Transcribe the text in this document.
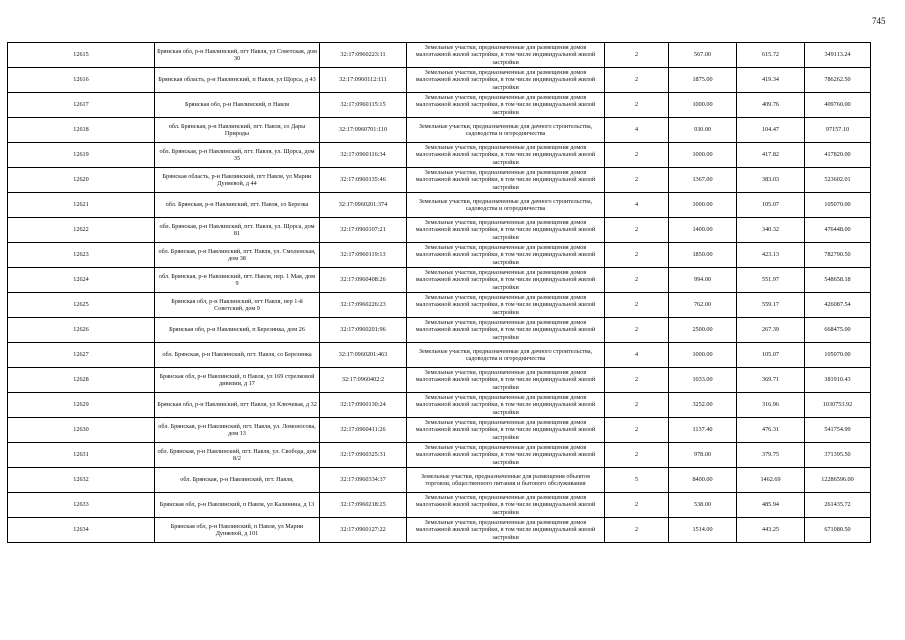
745
12615	Брянская обл, р-н Навлинский, пгт Навля, ул Советская, дом 30	32:17:0960223:11	Земельные участки, предназначенные для размещения домов малоэтажной жилой застройки, в том числе индивидуальной жилой застройки	2	567.00	615.72	349113.24
12616	Брянская область, р-н Навлинский, п Навля, ул Щорса, д 43	32:17:0960112:111	Земельные участки, предназначенные для размещения домов малоэтажной жилой застройки, в том числе индивидуальной жилой застройки	2	1875.00	419.34	786262.50
12617	Брянская обл, р-н Навлинский, п Навля	32:17:0960115:15	Земельные участки, предназначенные для размещения домов малоэтажной жилой застройки, в том числе индивидуальной жилой застройки	2	1000.00	409.76	409760.00
12618	обл. Брянская, р-н Навлинский, пгт. Навля, со Дары Природы	32:17:0960701:110	Земельные участки, предназначенные для дачного строительства, садоводства и огородничества	4	930.00	104.47	97157.10
12619	обл. Брянская, р-н Навлинский, пгт. Навля, ул. Щорса, дом 35	32:17:0960116:34	Земельные участки, предназначенные для размещения домов малоэтажной жилой застройки, в том числе индивидуальной жилой застройки	2	1000.00	417.82	417820.00
12620	Брянская область, р-н Навлинский, пгт Навля, ул Марии Дуняевой, д 44	32:17:0960135:46	Земельные участки, предназначенные для размещения домов малоэтажной жилой застройки, в том числе индивидуальной жилой застройки	2	1367.00	383.03	523602.01
12621	обл. Брянская, р-н Навлинский, пгт. Навля, со Березка	32:17:0960201:374	Земельные участки, предназначенные для дачного строительства, садоводства и огородничества	4	1000.00	105.07	105070.00
12622	обл. Брянская, р-н Навлинский, пгт. Навля, ул. Щорса, дом 81	32:17:0960107:21	Земельные участки, предназначенные для размещения домов малоэтажной жилой застройки, в том числе индивидуальной жилой застройки	2	1400.00	340.32	476448.00
12623	обл. Брянская, р-н Навлинский, пгт. Навля, ул. Смоленская, дом 38	32:17:0960119:13	Земельные участки, предназначенные для размещения домов малоэтажной жилой застройки, в том числе индивидуальной жилой застройки	2	1850.00	423.13	782790.50
12624	обл. Брянская, р-н Навлинский, пгт. Навля, пер. 1 Мая, дом 9	32:17:0960408:26	Земельные участки, предназначенные для размещения домов малоэтажной жилой застройки, в том числе индивидуальной жилой застройки	2	994.00	551.97	548658.18
12625	Брянская обл, р-н Навлинский, пгт Навля, пер 1-й Советский, дом 9	32:17:0960226:23	Земельные участки, предназначенные для размещения домов малоэтажной жилой застройки, в том числе индивидуальной жилой застройки	2	762.00	559.17	426087.54
12626	Брянская обл, р-н Навлинский, п Березинка, дом 26	32:17:0960201:96	Земельные участки, предназначенные для размещения домов малоэтажной жилой застройки, в том числе индивидуальной жилой застройки	2	2500.00	267.39	668475.00
12627	обл. Брянская, р-н Навлинский, пгт. Навля, со Березинка	32:17:0960201:463	Земельные участки, предназначенные для дачного строительства, садоводства и огородничества	4	1000.00	105.07	105070.00
12628	Брянская обл, р-н Навлинский, п Навля, ул 169 стрелковой дивизии, д 17	32:17:0960402:2	Земельные участки, предназначенные для размещения домов малоэтажной жилой застройки, в том числе индивидуальной жилой застройки	2	1033.00	369.71	381910.43
12629	Брянская обл, р-н Навлинский, пгт Навля, ул Ключевая, д 32	32:17:0960130:24	Земельные участки, предназначенные для размещения домов малоэтажной жилой застройки, в том числе индивидуальной жилой застройки	2	3252.00	316.96	1030753.92
12630	обл. Брянская, р-н Навлинский, пгт. Навля, ул. Ломоносова, дом 13	32:17:0960411:26	Земельные участки, предназначенные для размещения домов малоэтажной жилой застройки, в том числе индивидуальной жилой застройки	2	1137.40	476.31	541754.99
12631	обл. Брянская, р-н Навлинский, пгт. Навля, ул. Свобода, дом 8/2	32:17:0960325:31	Земельные участки, предназначенные для размещения домов малоэтажной жилой застройки, в том числе индивидуальной жилой застройки	2	978.00	379.75	371395.50
12632	обл. Брянская, р-н Навлинский, пгт. Навля,	32:17:0960334:37	Земельные участки, предназначенные для размещения объектов торговли, общественного питания и бытового обслуживания	5	8400.00	1462.69	12286596.00
12633	Брянская обл, р-н Навлинский, п Навля, ул Калинина, д 13	32:17:0960218:25	Земельные участки, предназначенные для размещения домов малоэтажной жилой застройки, в том числе индивидуальной жилой застройки	2	538.00	485.94	261435.72
12634	Брянская обл, р-н Навлинский, п Навля, ул Марии Дуняевой, д 101	32:17:0960127:22	Земельные участки, предназначенные для размещения домов малоэтажной жилой застройки, в том числе индивидуальной жилой застройки	2	1514.00	443.25	671080.50
